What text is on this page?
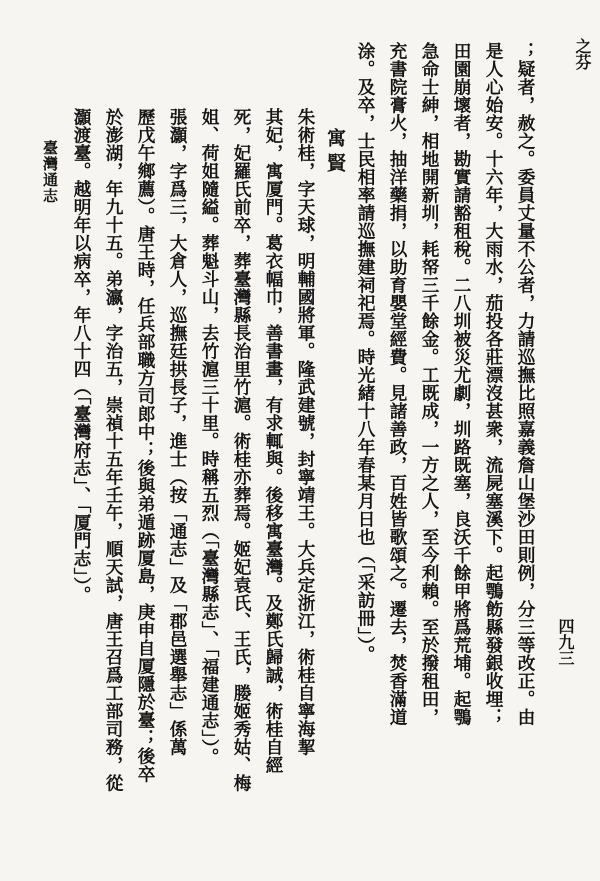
之芬
；疑者，赦之。委員丈量不公者，力請巡撫比照嘉義詹山堡沙田則例，分三等改正。由
是人心始安。十六年，大雨水，茄投各莊漂沒甚衆，流屍塞溪下。起鶚飭縣發銀收埋；
田園崩壞者，勘實請豁租稅。二八圳被災尤劇，圳路既塞，良沃千餘甲將爲荒埔。起鶚
急命士紳，相地開新圳，耗帑三千餘金。工既成，一方之人，至今利賴。至於撥租田，
充書院膏火，抽洋藥捐，以助育嬰堂經費。見諸善政，百姓皆歌頌之。遷去，焚香滿道
涂。及卒，士民相率請巡撫建祠祀焉。時光緒十八年春某月日也（「采訪冊」）。
寓賢
朱術桂，字天球，明輔國將軍。隆武建號，封寧靖王。大兵定浙江，術桂自寧海挈
其妃，寓厦門。葛衣幅巾，善書畫，有求輒與。後移寓臺灣。及鄭氏歸誠，術桂自經
死，妃羅氏前卒，葬臺灣縣長治里竹滬。術桂亦葬焉。姬妃袁氏、王氏，媵姬秀姑、梅
姐、荷姐隨縊。葬魁斗山，去竹滬三十里。時稱五烈（「臺灣縣志」、「福建通志」）。
張灝，字爲三，大倉人，巡撫廷拱長子，進士（按「通志」及「郡邑選舉志」係萬
歷戊午鄉薦）。唐王時，任兵部職方司郎中；後與弟遁跡厦島，庚申自厦隱於臺；後卒
於澎湖，年九十五。弟瀛，字治五，崇禎十五年壬午，順天試，唐王召爲工部司務，從
灝渡臺。越明年以病卒，年八十四（「臺灣府志」、「厦門志」）。
四九三
臺灣通志
